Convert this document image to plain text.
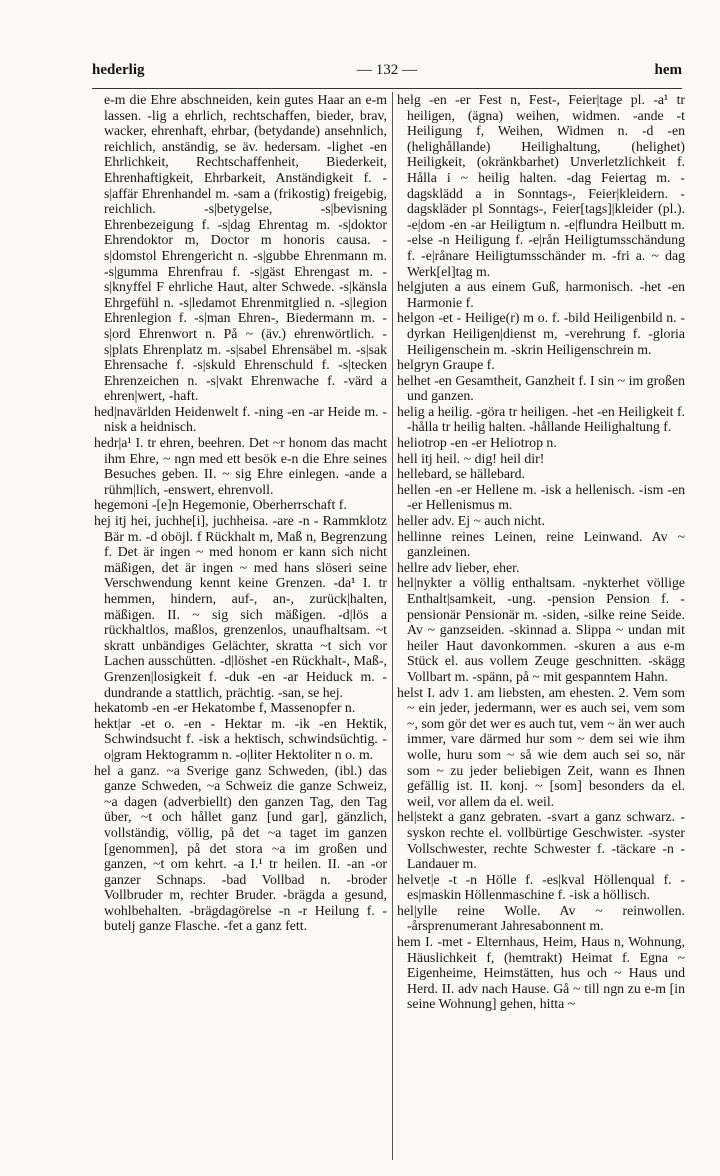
hederlig	— 132 —	hem

e-m die Ehre abschneiden, kein gutes Haar an e-m lassen. -lig a ehrlich, rechtschaffen, bieder, brav, wacker, ehrenhaft, ehrbar, (betydande) ansehnlich, reichlich, anständig, se äv. hedersam. -lighet -en Ehrlichkeit, Rechtschaffenheit, Biederkeit, Ehrenhaftigkeit, Ehrbarkeit, Anständigkeit f. -s|affär Ehrenhandel m. -sam a (frikostig) freigebig, reichlich. -s|betygelse, -s|bevisning Ehrenbezeigung f. -s|dag Ehrentag m. -s|doktor Ehrendoktor m, Doctor m honoris causa. -s|domstol Ehrengericht n. -s|gubbe Ehrenmann m. -s|gumma Ehrenfrau f. -s|gäst Ehrengast m. -s|knyffel F ehrliche Haut, alter Schwede. -s|känsla Ehrgefühl n. -s|ledamot Ehrenmitglied n. -s|legion Ehrenlegion f. -s|man Ehren-, Biedermann m. -s|ord Ehrenwort n. På ~ (äv.) ehrenwörtlich. -s|plats Ehrenplatz m. -s|sabel Ehrensäbel m. -s|sak Ehrensache f. -s|skuld Ehrenschuld f. -s|tecken Ehrenzeichen n. -s|vakt Ehrenwache f. -värd a ehren|wert, -haft.

hed|navärlden Heidenwelt f. -ning -en -ar Heide m. -nisk a heidnisch.

hedr|a¹ I. tr ehren, beehren. Det ~r honom das macht ihm Ehre, ~ ngn med ett besök e-n die Ehre seines Besuches geben. II. ~ sig Ehre einlegen. -ande a rühm|lich, -enswert, ehrenvoll.

hegemoni -[e]n Hegemonie, Oberherrschaft f.

hej itj hei, juchhe[i], juchheisa. -are -n - Rammklotz Bär m. -d oböjl. f Rückhalt m, Maß n, Begrenzung f. Det är ingen ~ med honom er kann sich nicht mäßigen, det är ingen ~ med hans slöseri seine Verschwendung kennt keine Grenzen. -da¹ I. tr hemmen, hindern, auf-, an-, zurück|halten, mäßigen. II. ~ sig sich mäßigen. -d|lös a rückhaltlos, maßlos, grenzenlos, unaufhaltsam. ~t skratt unbändiges Gelächter, skratta ~t sich vor Lachen ausschütten. -d|löshet -en Rückhalt-, Maß-, Grenzen|losigkeit f. -duk -en -ar Heiduck m. -dundrande a stattlich, prächtig. -san, se hej.

hekatomb -en -er Hekatombe f, Massenopfer n.

hekt|ar -et o. -en - Hektar m. -ik -en Hektik, Schwindsucht f. -isk a hektisch, schwindsüchtig. -o|gram Hektogramm n. -o|liter Hektoliter n o. m.

hel a ganz. ~a Sverige ganz Schweden, (ibl.) das ganze Schweden, ~a Schweiz die ganze Schweiz, ~a dagen (adverbiellt) den ganzen Tag, den Tag über, ~t och hållet ganz [und gar], gänzlich, vollständig, völlig, på det ~a taget im ganzen [genommen], på det stora ~a im großen und ganzen, ~t om kehrt. -a I.¹ tr heilen. II. -an -or ganzer Schnaps. -bad Vollbad n. -broder Vollbruder m, rechter Bruder. -brägda a gesund, wohlbehalten. -brägdagörelse -n -r Heilung f. -butelj ganze Flasche. -fet a ganz fett.

helg -en -er Fest n, Fest-, Feier|tage pl. -a¹ tr heiligen, (ägna) weihen, widmen. -ande -t Heiligung f, Weihen, Widmen n. -d -en (helighållande) Heilighaltung, (helighet) Heiligkeit, (okränkbarhet) Unverletzlichkeit f. Hålla i ~ heilig halten. -dag Feiertag m. -dagsklädd a in Sonntags-, Feier|kleidern. -dagskläder pl Sonntags-, Feier[tags]|kleider (pl.). -e|dom -en -ar Heiligtum n. -e|flundra Heilbutt m. -else -n Heiligung f. -e|rån Heiligtumsschändung f. -e|rånare Heiligtumsschänder m. -fri a. ~ dag Werk[el]tag m.

helgjuten a aus einem Guß, harmonisch. -het -en Harmonie f.

helgon -et - Heilige(r) m o. f. -bild Heiligenbild n. -dyrkan Heiligen|dienst m, -verehrung f. -gloria Heiligenschein m. -skrin Heiligenschrein m.

helgryn Graupe f.

helhet -en Gesamtheit, Ganzheit f. I sin ~ im großen und ganzen.

helig a heilig. -göra tr heiligen. -het -en Heiligkeit f. -hålla tr heilig halten. -hållande Heilighaltung f.

heliotrop -en -er Heliotrop n.

hell itj heil. ~ dig! heil dir!

hellebard, se hällebard.

hellen -en -er Hellene m. -isk a hellenisch. -ism -en -er Hellenismus m.

heller adv. Ej ~ auch nicht.

hellinne reines Leinen, reine Leinwand. Av ~ ganzleinen.

hellre adv lieber, eher.

hel|nykter a völlig enthaltsam. -nykterhet völlige Enthalt|samkeit, -ung. -pension Pension f. -pensionär Pensionär m. -siden, -silke reine Seide. Av ~ ganzseiden. -skinnad a. Slippa ~ undan mit heiler Haut davonkommen. -skuren a aus e-m Stück el. aus vollem Zeuge geschnitten. -skägg Vollbart m. -spänn, på ~ mit gespanntem Hahn.

helst I. adv 1. am liebsten, am ehesten. 2. Vem som ~ ein jeder, jedermann, wer es auch sei, vem som ~, som gör det wer es auch tut, vem ~ än wer auch immer, vare därmed hur som ~ dem sei wie ihm wolle, huru som ~ så wie dem auch sei so, när som ~ zu jeder beliebigen Zeit, wann es Ihnen gefällig ist. II. konj. ~ [som] besonders da el. weil, vor allem da el. weil.

hel|stekt a ganz gebraten. -svart a ganz schwarz. -syskon rechte el. vollbürtige Geschwister. -syster Vollschwester, rechte Schwester f. -täckare -n - Landauer m.

helvet|e -t -n Hölle f. -es|kval Höllenqual f. -es|maskin Höllenmaschine f. -isk a höllisch.

hel|ylle reine Wolle. Av ~ reinwollen. -årsprenumerant Jahresabonnent m.

hem I. -met - Elternhaus, Heim, Haus n, Wohnung, Häuslichkeit f, (hemtrakt) Heimat f. Egna ~ Eigenheime, Heimstätten, hus och ~ Haus und Herd. II. adv nach Hause. Gå ~ till ngn zu e-m [in seine Wohnung] gehen, hitta ~
